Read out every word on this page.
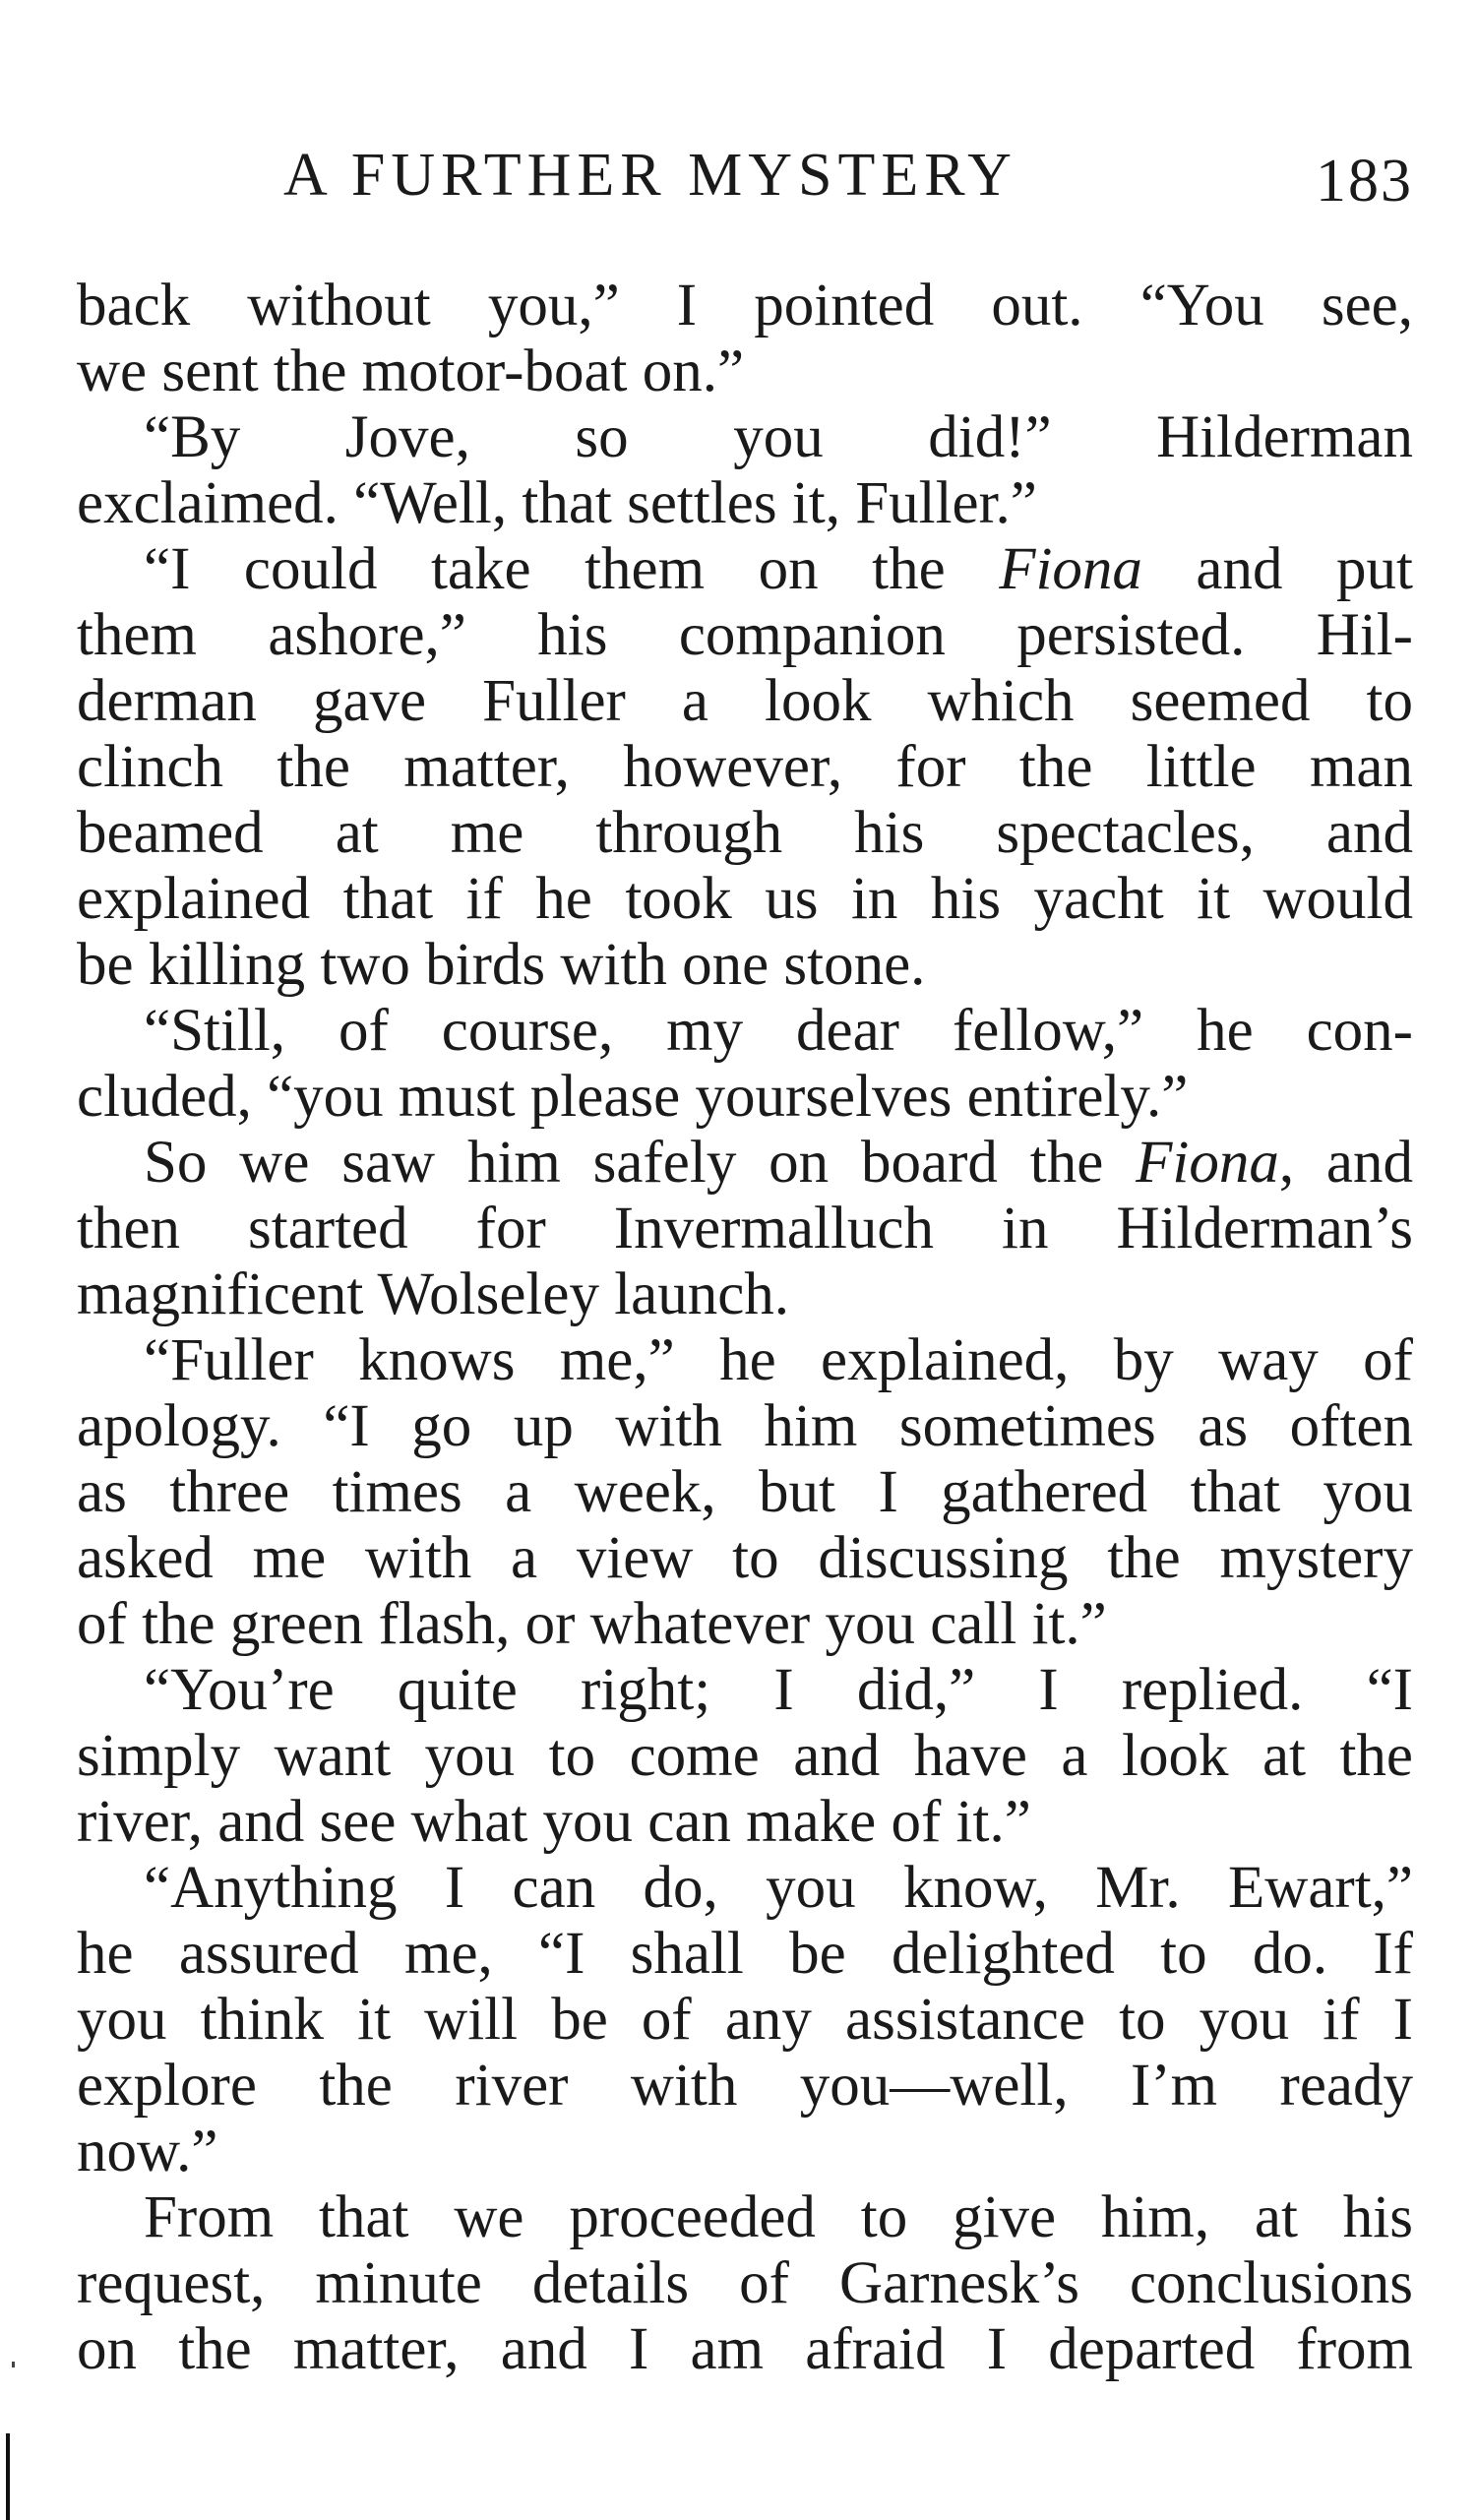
A FURTHER MYSTERY	183
back without you,” I pointed out. “You see,
we sent the motor-boat on.”
“By Jove, so you did!” Hilderman
exclaimed. “Well, that settles it, Fuller.”
“I could take them on the Fiona and put
them ashore,” his companion persisted. Hil-
derman gave Fuller a look which seemed to
clinch the matter, however, for the little man
beamed at me through his spectacles, and
explained that if he took us in his yacht it would
be killing two birds with one stone.
“Still, of course, my dear fellow,” he con-
cluded, “you must please yourselves entirely.”
So we saw him safely on board the Fiona, and
then started for Invermalluch in Hilderman’s
magnificent Wolseley launch.
“Fuller knows me,” he explained, by way of
apology. “I go up with him sometimes as often
as three times a week, but I gathered that you
asked me with a view to discussing the mystery
of the green flash, or whatever you call it.”
“You’re quite right; I did,” I replied. “I
simply want you to come and have a look at the
river, and see what you can make of it.”
“Anything I can do, you know, Mr. Ewart,”
he assured me, “I shall be delighted to do. If
you think it will be of any assistance to you if I
explore the river with you—well, I’m ready
now.”
From that we proceeded to give him, at his
request, minute details of Garnesk’s conclusions
on the matter, and I am afraid I departed from
